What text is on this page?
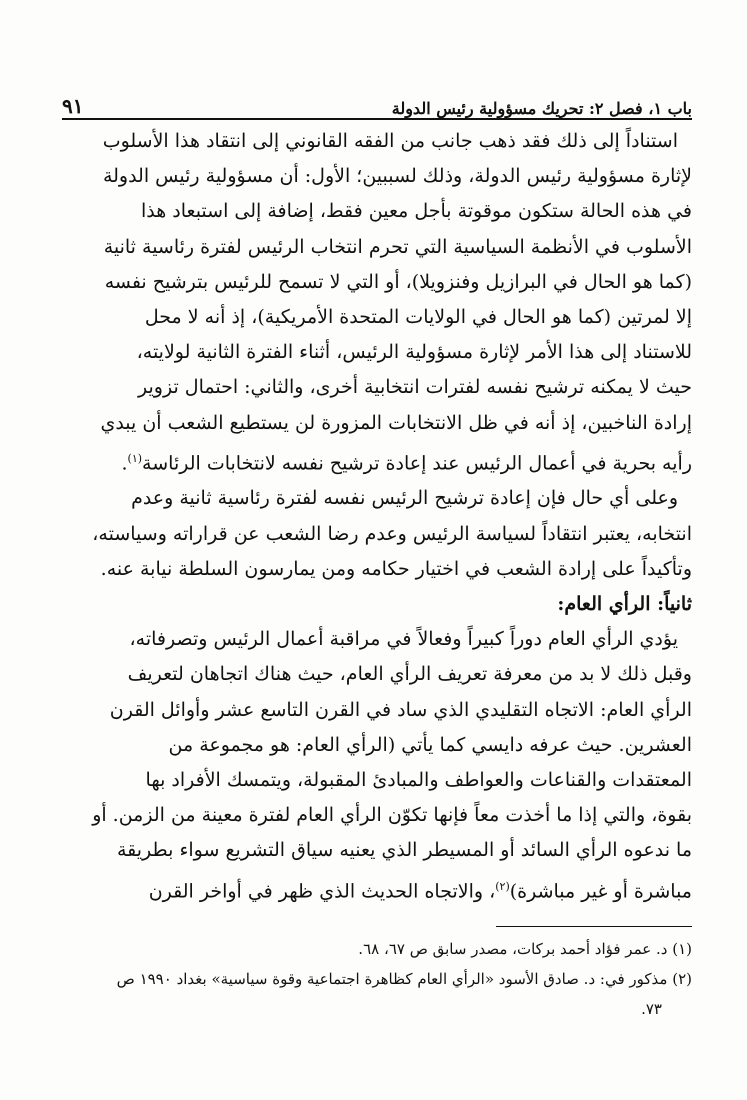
باب ١، فصل ٢: تحريك مسؤولية رئيس الدولة
٩١

استناداً إلى ذلك فقد ذهب جانب من الفقه القانوني إلى انتقاد هذا الأسلوب
لإثارة مسؤولية رئيس الدولة، وذلك لسببين؛ الأول: أن مسؤولية رئيس الدولة
في هذه الحالة ستكون موقوتة بأجل معين فقط، إضافة إلى استبعاد هذا
الأسلوب في الأنظمة السياسية التي تحرم انتخاب الرئيس لفترة رئاسية ثانية
(كما هو الحال في البرازيل وفنزويلا)، أو التي لا تسمح للرئيس بترشيح نفسه
إلا لمرتين (كما هو الحال في الولايات المتحدة الأمريكية)، إذ أنه لا محل
للاستناد إلى هذا الأمر لإثارة مسؤولية الرئيس، أثناء الفترة الثانية لولايته،
حيث لا يمكنه ترشيح نفسه لفترات انتخابية أخرى، والثاني: احتمال تزوير
إرادة الناخبين، إذ أنه في ظل الانتخابات المزورة لن يستطيع الشعب أن يبدي
رأيه بحرية في أعمال الرئيس عند إعادة ترشيح نفسه لانتخابات الرئاسة$^{(١)}$.

وعلى أي حال فإن إعادة ترشيح الرئيس نفسه لفترة رئاسية ثانية وعدم
انتخابه، يعتبر انتقاداً لسياسة الرئيس وعدم رضا الشعب عن قراراته وسياسته،
وتأكيداً على إرادة الشعب في اختيار حكامه ومن يمارسون السلطة نيابة عنه.

ثانياً: الرأي العام:

يؤدي الرأي العام دوراً كبيراً وفعالاً في مراقبة أعمال الرئيس وتصرفاته،
وقبل ذلك لا بد من معرفة تعريف الرأي العام، حيث هناك اتجاهان لتعريف
الرأي العام: الاتجاه التقليدي الذي ساد في القرن التاسع عشر وأوائل القرن
العشرين. حيث عرفه دايسي كما يأتي (الرأي العام: هو مجموعة من
المعتقدات والقناعات والعواطف والمبادئ المقبولة، ويتمسك الأفراد بها
بقوة، والتي إذا ما أخذت معاً فإنها تكوّن الرأي العام لفترة معينة من الزمن. أو
ما ندعوه الرأي السائد أو المسيطر الذي يعنيه سياق التشريع سواء بطريقة
مباشرة أو غير مباشرة)$^{(٢)}$، والاتجاه الحديث الذي ظهر في أواخر القرن

(١) د. عمر فؤاد أحمد بركات، مصدر سابق ص ٦٧، ٦٨.
(٢) مذكور في: د. صادق الأسود «الرأي العام كظاهرة اجتماعية وقوة سياسية» بغداد ١٩٩٠ ص
٧٣.
